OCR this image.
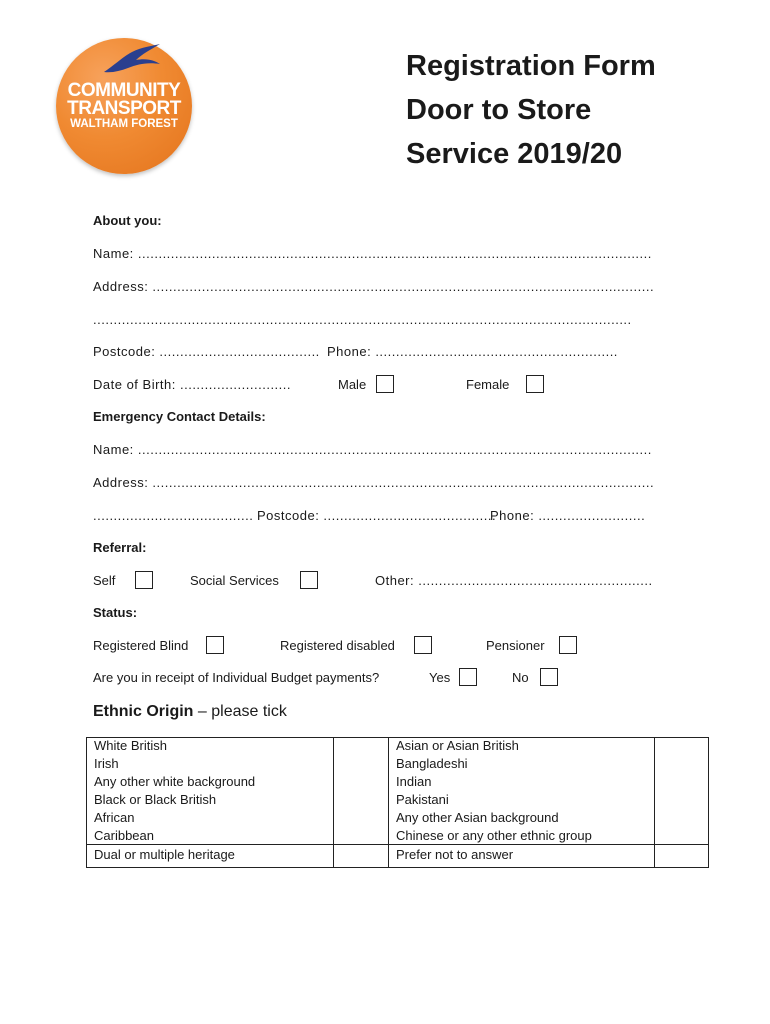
COMMUNITY
TRANSPORT
WALTHAM FOREST
Registration Form
Door to Store
Service 2019/20
About you:
Name: .............................................................................................................................
Address: ..........................................................................................................................
...................................................................................................................................
Postcode: ....................................... Phone: ...........................................................
Date of Birth: ...........................	Male	Female
Emergency Contact Details:
Name: .............................................................................................................................
Address: ..........................................................................................................................
....................................... Postcode: ..........................................
Phone: ..........................
Referral:
Self	Social Services	Other: .........................................................
Status:
Registered Blind	Registered disabled	Pensioner
Are you in receipt of Individual Budget payments?	Yes	No
Ethnic Origin – please tick
White British		Asian or Asian British	
Irish		Bangladeshi	
Any other white background		Indian	
Black or Black British		Pakistani	
African		Any other Asian background	
Caribbean		Chinese or any other ethnic group	
Dual or multiple heritage		Prefer not to answer	
